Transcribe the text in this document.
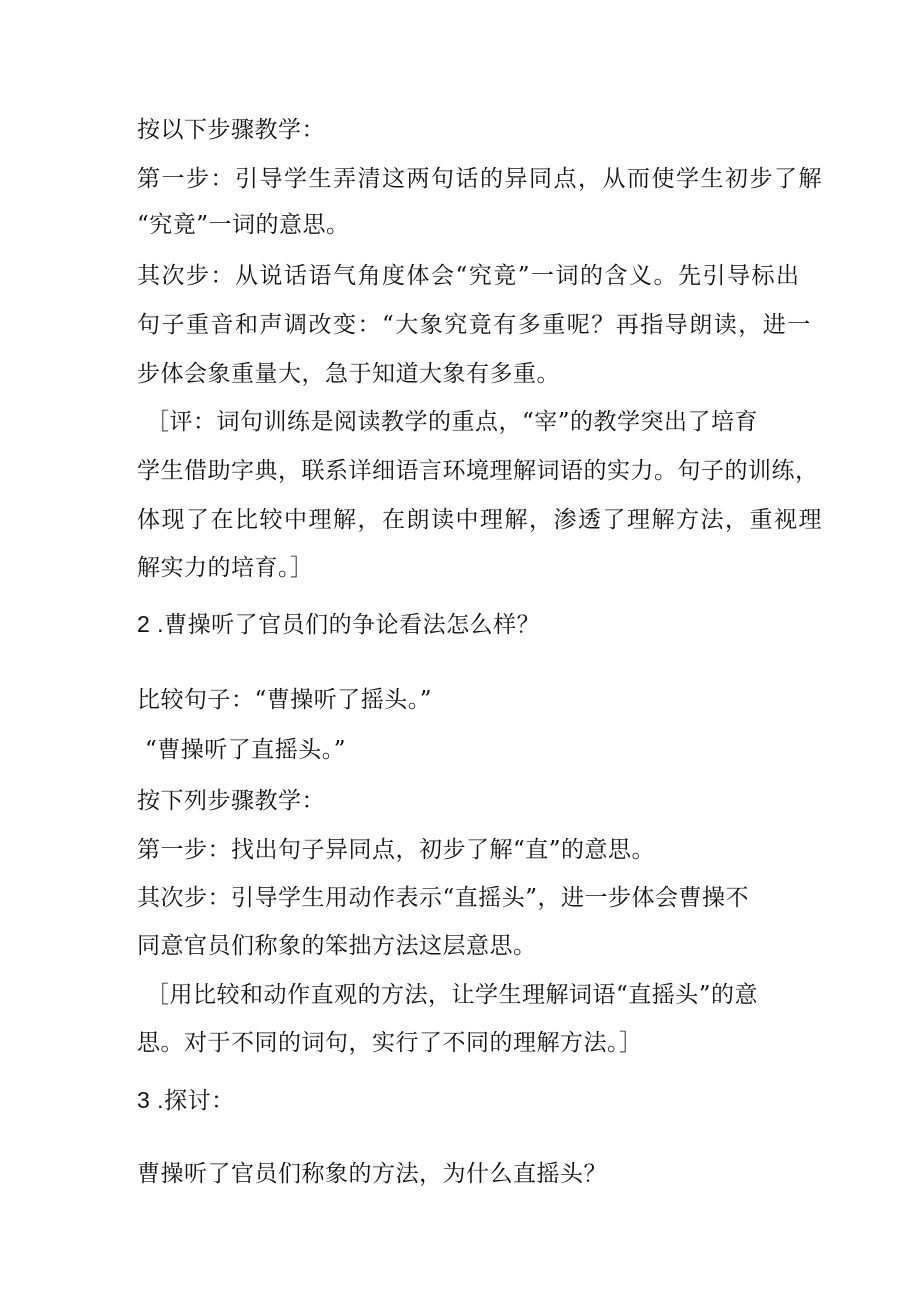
按以下步骤教学：
第一步：引导学生弄清这两句话的异同点，从而使学生初步了解
“究竟”一词的意思。
其次步：从说话语气角度体会“究竟”一词的含义。先引导标出
句子重音和声调改变：“大象究竟有多重呢？再指导朗读，进一
步体会象重量大，急于知道大象有多重。
［评：词句训练是阅读教学的重点，“宰”的教学突出了培育
学生借助字典，联系详细语言环境理解词语的实力。句子的训练，
体现了在比较中理解，在朗读中理解，渗透了理解方法，重视理
解实力的培育。］
2 .曹操听了官员们的争论看法怎么样？
比较句子：“曹操听了摇头。”
“曹操听了直摇头。”
按下列步骤教学：
第一步：找出句子异同点，初步了解“直”的意思。
其次步：引导学生用动作表示“直摇头”，进一步体会曹操不
同意官员们称象的笨拙方法这层意思。
［用比较和动作直观的方法，让学生理解词语“直摇头”的意
思。对于不同的词句，实行了不同的理解方法。］
3 .探讨：
曹操听了官员们称象的方法，为什么直摇头？
